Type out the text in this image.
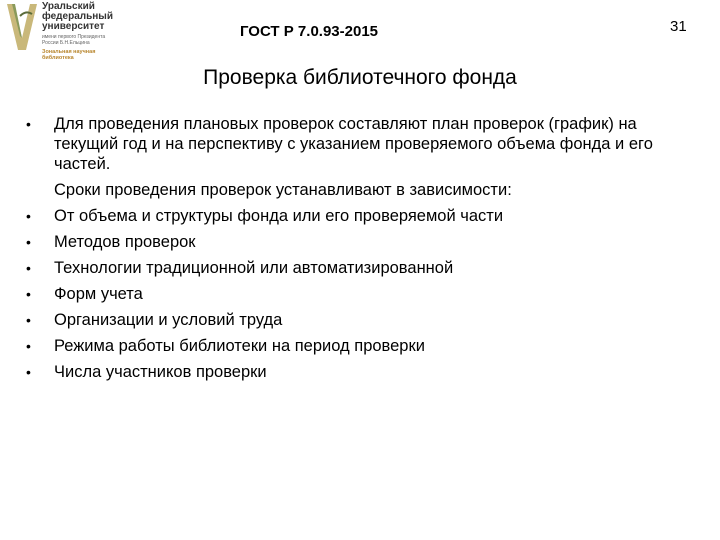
Уральский
федеральный
университет
имени первого Президента
России Б.Н.Ельцина
Зональная научная
библиотека
ГОСТ Р 7.0.93-2015	31
Проверка библиотечного фонда
• Для проведения плановых проверок составляют план проверок (график) на текущий год и на перспективу с указанием проверяемого объема фонда и его частей.
Сроки проведения проверок устанавливают в зависимости:
• От объема и структуры фонда или его проверяемой части
• Методов проверок
• Технологии традиционной или автоматизированной
• Форм учета
• Организации и условий труда
• Режима работы библиотеки на период проверки
• Числа участников проверки
